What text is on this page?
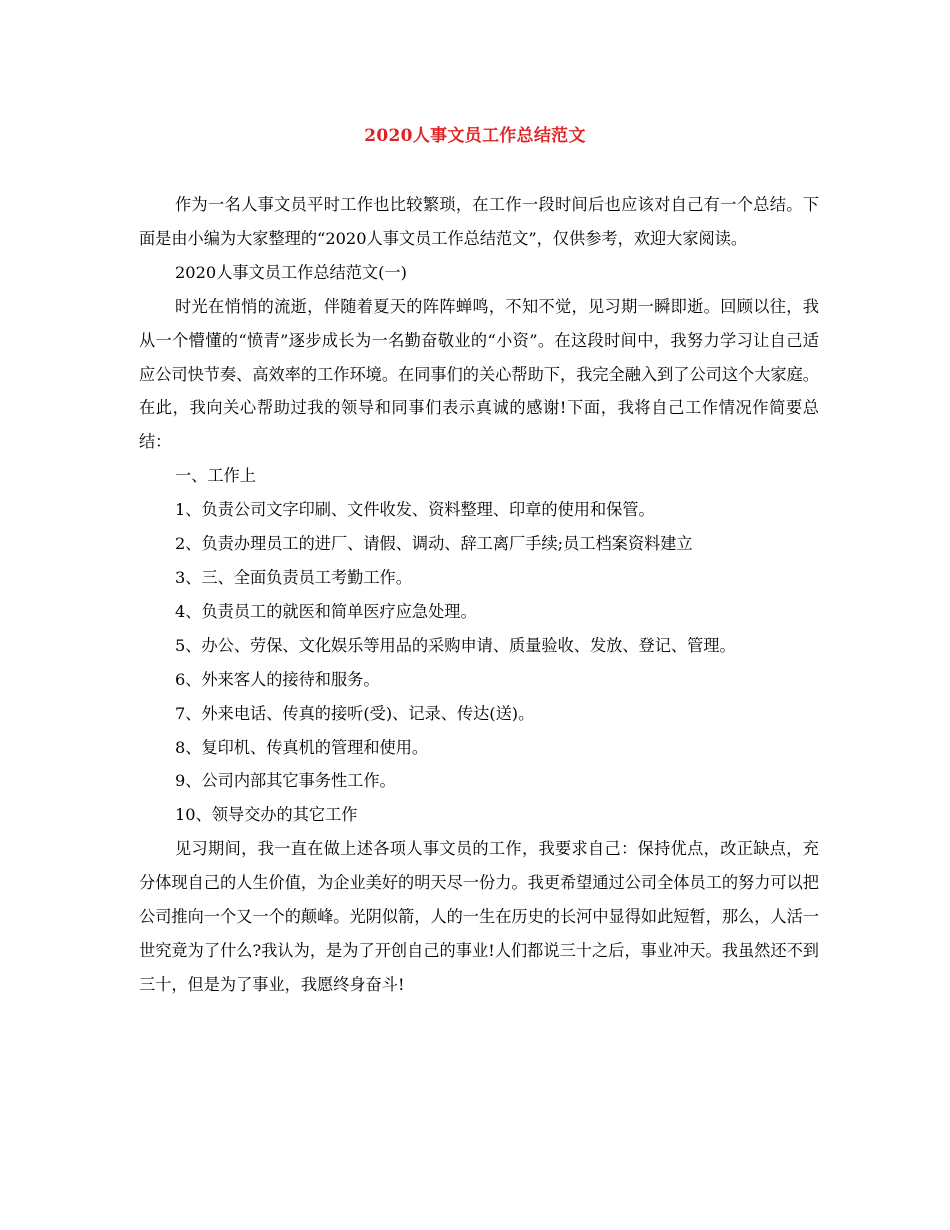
2020人事文员工作总结范文

作为一名人事文员平时工作也比较繁琐，在工作一段时间后也应该对自己有一个总结。下面是由小编为大家整理的“2020人事文员工作总结范文”，仅供参考，欢迎大家阅读。

2020人事文员工作总结范文(一)

时光在悄悄的流逝，伴随着夏天的阵阵蝉鸣，不知不觉，见习期一瞬即逝。回顾以往，我从一个懵懂的“愤青”逐步成长为一名勤奋敬业的“小资”。在这段时间中，我努力学习让自己适应公司快节奏、高效率的工作环境。在同事们的关心帮助下，我完全融入到了公司这个大家庭。在此，我向关心帮助过我的领导和同事们表示真诚的感谢!下面，我将自己工作情况作简要总结：

一、工作上

1、负责公司文字印刷、文件收发、资料整理、印章的使用和保管。

2、负责办理员工的进厂、请假、调动、辞工离厂手续;员工档案资料建立

3、三、全面负责员工考勤工作。

4、负责员工的就医和简单医疗应急处理。

5、办公、劳保、文化娱乐等用品的采购申请、质量验收、发放、登记、管理。

6、外来客人的接待和服务。

7、外来电话、传真的接听(受)、记录、传达(送)。

8、复印机、传真机的管理和使用。

9、公司内部其它事务性工作。

10、领导交办的其它工作

见习期间，我一直在做上述各项人事文员的工作，我要求自己：保持优点，改正缺点，充分体现自己的人生价值，为企业美好的明天尽一份力。我更希望通过公司全体员工的努力可以把公司推向一个又一个的颠峰。光阴似箭，人的一生在历史的长河中显得如此短暂，那么，人活一世究竟为了什么?我认为，是为了开创自己的事业!人们都说三十之后，事业冲天。我虽然还不到三十，但是为了事业，我愿终身奋斗!
